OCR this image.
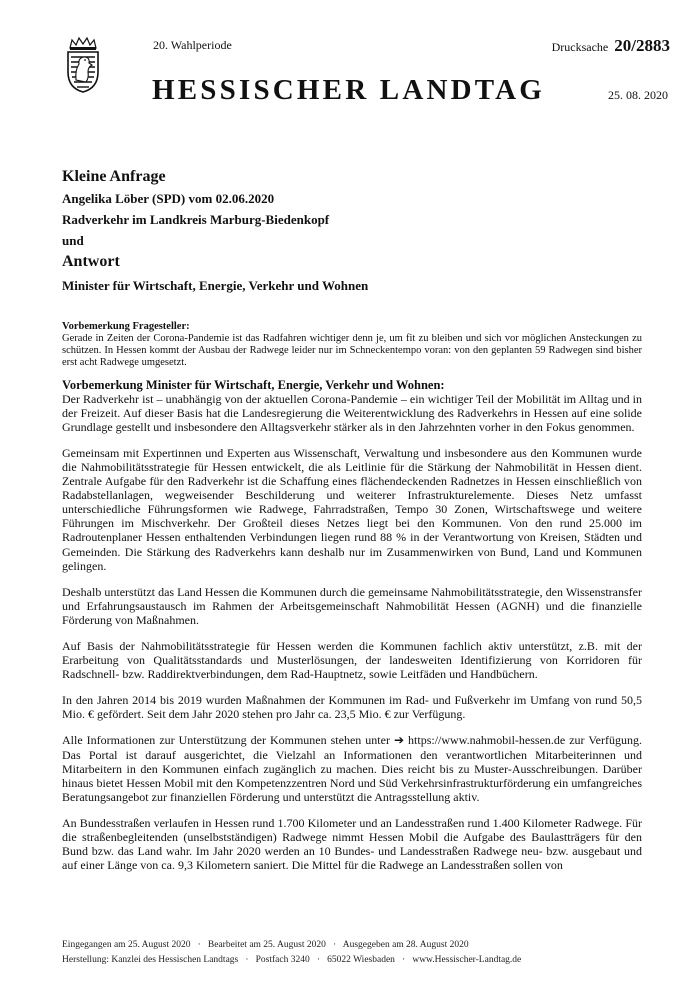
20. Wahlperiode	Drucksache 20/2883
HESSISCHER LANDTAG	25. 08. 2020
Kleine Anfrage
Angelika Löber (SPD) vom 02.06.2020
Radverkehr im Landkreis Marburg-Biedenkopf
und
Antwort
Minister für Wirtschaft, Energie, Verkehr und Wohnen
Vorbemerkung Fragesteller:
Gerade in Zeiten der Corona-Pandemie ist das Radfahren wichtiger denn je, um fit zu bleiben und sich vor möglichen Ansteckungen zu schützen. In Hessen kommt der Ausbau der Radwege leider nur im Schneckentempo voran: von den geplanten 59 Radwegen sind bisher erst acht Radwege umgesetzt.
Vorbemerkung Minister für Wirtschaft, Energie, Verkehr und Wohnen:

Der Radverkehr ist – unabhängig von der aktuellen Corona-Pandemie – ein wichtiger Teil der Mobilität im Alltag und in der Freizeit. Auf dieser Basis hat die Landesregierung die Weiterentwicklung des Radverkehrs in Hessen auf eine solide Grundlage gestellt und insbesondere den Alltagsverkehr stärker als in den Jahrzehnten vorher in den Fokus genommen.

Gemeinsam mit Expertinnen und Experten aus Wissenschaft, Verwaltung und insbesondere aus den Kommunen wurde die Nahmobilitätsstrategie für Hessen entwickelt, die als Leitlinie für die Stärkung der Nahmobilität in Hessen dient. Zentrale Aufgabe für den Radverkehr ist die Schaffung eines flächendeckenden Radnetzes in Hessen einschließlich von Radabstellanlagen, wegweisender Beschilderung und weiterer Infrastrukturelemente. Dieses Netz umfasst unterschiedliche Führungsformen wie Radwege, Fahrradstraßen, Tempo 30 Zonen, Wirtschaftswege und weitere Führungen im Mischverkehr. Der Großteil dieses Netzes liegt bei den Kommunen. Von den rund 25.000 im Radroutenplaner Hessen enthaltenden Verbindungen liegen rund 88 % in der Verantwortung von Kreisen, Städten und Gemeinden. Die Stärkung des Radverkehrs kann deshalb nur im Zusammenwirken von Bund, Land und Kommunen gelingen.

Deshalb unterstützt das Land Hessen die Kommunen durch die gemeinsame Nahmobilitätsstrategie, den Wissenstransfer und Erfahrungsaustausch im Rahmen der Arbeitsgemeinschaft Nahmobilität Hessen (AGNH) und die finanzielle Förderung von Maßnahmen.

Auf Basis der Nahmobilitätsstrategie für Hessen werden die Kommunen fachlich aktiv unterstützt, z.B. mit der Erarbeitung von Qualitätsstandards und Musterlösungen, der landesweiten Identifizierung von Korridoren für Radschnell- bzw. Raddirektverbindungen, dem Rad-Hauptnetz, sowie Leitfäden und Handbüchern.

In den Jahren 2014 bis 2019 wurden Maßnahmen der Kommunen im Rad- und Fußverkehr im Umfang von rund 50,5 Mio. € gefördert. Seit dem Jahr 2020 stehen pro Jahr ca. 23,5 Mio. € zur Verfügung.

Alle Informationen zur Unterstützung der Kommunen stehen unter ➔ https://www.nahmobil-hessen.de zur Verfügung. Das Portal ist darauf ausgerichtet, die Vielzahl an Informationen den verantwortlichen Mitarbeiterinnen und Mitarbeitern in den Kommunen einfach zugänglich zu machen. Dies reicht bis zu Muster-Ausschreibungen. Darüber hinaus bietet Hessen Mobil mit den Kompetenzzentren Nord und Süd Verkehrsinfrastrukturförderung ein umfangreiches Beratungsangebot zur finanziellen Förderung und unterstützt die Antragsstellung aktiv.

An Bundesstraßen verlaufen in Hessen rund 1.700 Kilometer und an Landesstraßen rund 1.400 Kilometer Radwege. Für die straßenbegleitenden (unselbstständigen) Radwege nimmt Hessen Mobil die Aufgabe des Baulastträgers für den Bund bzw. das Land wahr. Im Jahr 2020 werden an 10 Bundes- und Landesstraßen Radwege neu- bzw. ausgebaut und auf einer Länge von ca. 9,3 Kilometern saniert. Die Mittel für die Radwege an Landesstraßen sollen von

Eingegangen am 25. August 2020   ·   Bearbeitet am 25. August 2020   ·   Ausgegeben am 28. August 2020
Herstellung: Kanzlei des Hessischen Landtags   ·   Postfach 3240   ·   65022 Wiesbaden   ·   www.Hessischer-Landtag.de
